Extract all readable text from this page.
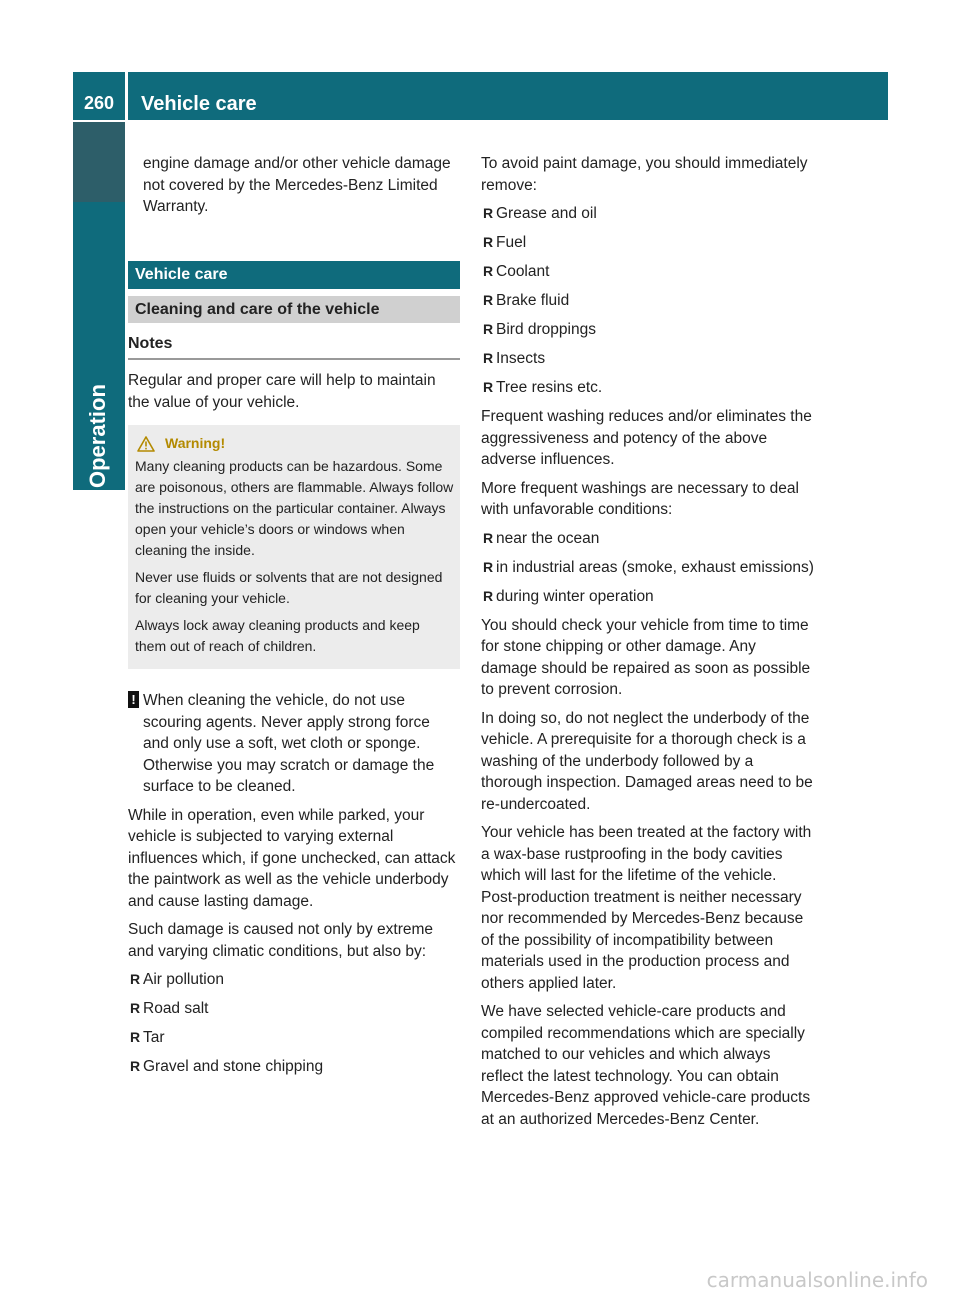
260	Vehicle care
Operation

engine damage and/or other vehicle damage not covered by the Mercedes-Benz Limited Warranty.

Vehicle care
Cleaning and care of the vehicle
Notes

Regular and proper care will help to maintain the value of your vehicle.

Warning!

Many cleaning products can be hazardous. Some are poisonous, others are flammable. Always follow the instructions on the particular container. Always open your vehicle’s doors or windows when cleaning the inside.

Never use fluids or solvents that are not designed for cleaning your vehicle.

Always lock away cleaning products and keep them out of reach of children.

! When cleaning the vehicle, do not use scouring agents. Never apply strong force and only use a soft, wet cloth or sponge. Otherwise you may scratch or damage the surface to be cleaned.

While in operation, even while parked, your vehicle is subjected to varying external influences which, if gone unchecked, can attack the paintwork as well as the vehicle underbody and cause lasting damage.

Such damage is caused not only by extreme and varying climatic conditions, but also by:

R Air pollution
R Road salt
R Tar
R Gravel and stone chipping

To avoid paint damage, you should immediately remove:

R Grease and oil
R Fuel
R Coolant
R Brake fluid
R Bird droppings
R Insects
R Tree resins etc.

Frequent washing reduces and/or eliminates the aggressiveness and potency of the above adverse influences.

More frequent washings are necessary to deal with unfavorable conditions:

R near the ocean
R in industrial areas (smoke, exhaust emissions)
R during winter operation

You should check your vehicle from time to time for stone chipping or other damage. Any damage should be repaired as soon as possible to prevent corrosion.

In doing so, do not neglect the underbody of the vehicle. A prerequisite for a thorough check is a washing of the underbody followed by a thorough inspection. Damaged areas need to be re-undercoated.

Your vehicle has been treated at the factory with a wax-base rustproofing in the body cavities which will last for the lifetime of the vehicle. Post-production treatment is neither necessary nor recommended by Mercedes-Benz because of the possibility of incompatibility between materials used in the production process and others applied later.

We have selected vehicle-care products and compiled recommendations which are specially matched to our vehicles and which always reflect the latest technology. You can obtain Mercedes-Benz approved vehicle-care products at an authorized Mercedes-Benz Center.

carmanualsonline.info
